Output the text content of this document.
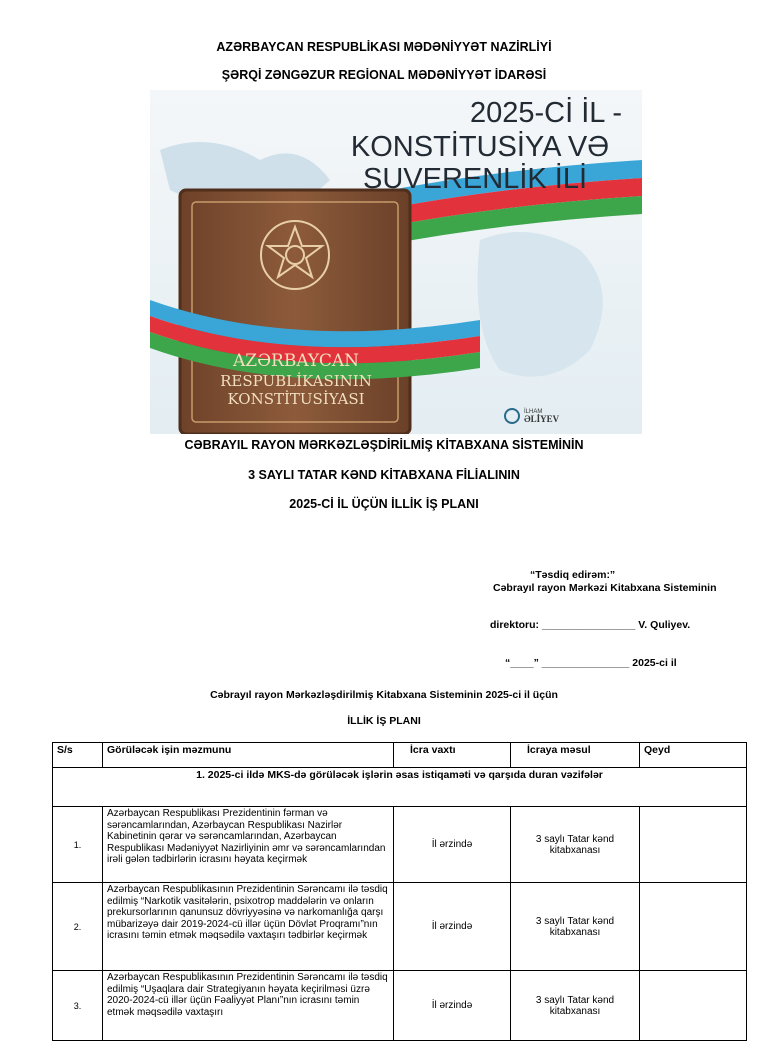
AZƏRBAYCAN RESPUBLİKASI MƏDƏNİYYƏT NAZİRLİYİ
ŞƏRQİ ZƏNGƏZUR REGİONAL MƏDƏNİYYƏT İDARƏSİ
AZƏRBAYCAN
RESPUBLİKASININ
KONSTİTUSİYASI
2025-Cİ İL -
KONSTİTUSİYA VƏ
SUVERENLİK İLİ
İLHAM
ƏLİYEV
CƏBRAYIL RAYON MƏRKƏZLƏŞDİRİLMİŞ KİTABXANA SİSTEMİNİN
3 SAYLI TATAR KƏND KİTABXANA FİLİALININ
2025-Cİ İL ÜÇÜN İLLİK İŞ PLANI
“Təsdiq edirəm:”
Cəbrayıl rayon Mərkəzi Kitabxana Sisteminin
direktoru: ________________ V. Quliyev.
“____” _______________ 2025-ci il
Cəbrayıl rayon Mərkəzləşdirilmiş Kitabxana Sisteminin 2025-ci il üçün
İLLİK İŞ PLANI
S/s	Görüləcək işin məzmunu	İcra vaxtı	İcraya məsul	Qeyd
1. 2025-ci ildə MKS-də görüləcək işlərin əsas istiqaməti və qarşıda duran vəzifələr				
1.	Azərbaycan Respublikası Prezidentinin fərman və sərəncamlarından, Azərbaycan Respublikası Nazirlər Kabinetinin qərar və sərəncamlarından, Azərbaycan Respublikası Mədəniyyət Nazirliyinin əmr və sərəncamlarından irəli gələn tədbirlərin icrasını həyata keçirmək	İl ərzində	3 saylı Tatar kənd kitabxanası	
2.	Azərbaycan Respublikasının Prezidentinin Sərəncamı ilə təsdiq edilmiş “Narkotik vasitələrin, psixotrop maddələrin və onların prekursorlarının qanunsuz dövriyyəsinə və narkomanlığa qarşı mübarizəyə dair 2019-2024-cü illər üçün Dövlət Proqramı”nın icrasını təmin etmək məqsədilə vaxtaşırı tədbirlər keçirmək	İl ərzində	3 saylı Tatar kənd kitabxanası	
3.	Azərbaycan Respublikasının Prezidentinin Sərəncamı ilə təsdiq edilmiş “Uşaqlara dair Strategiyanın həyata keçirilməsi üzrə 2020-2024-cü illər üçün Fəaliyyət Planı”nın icrasını təmin etmək məqsədilə vaxtaşırı	İl ərzində	3 saylı Tatar kənd kitabxanası	
